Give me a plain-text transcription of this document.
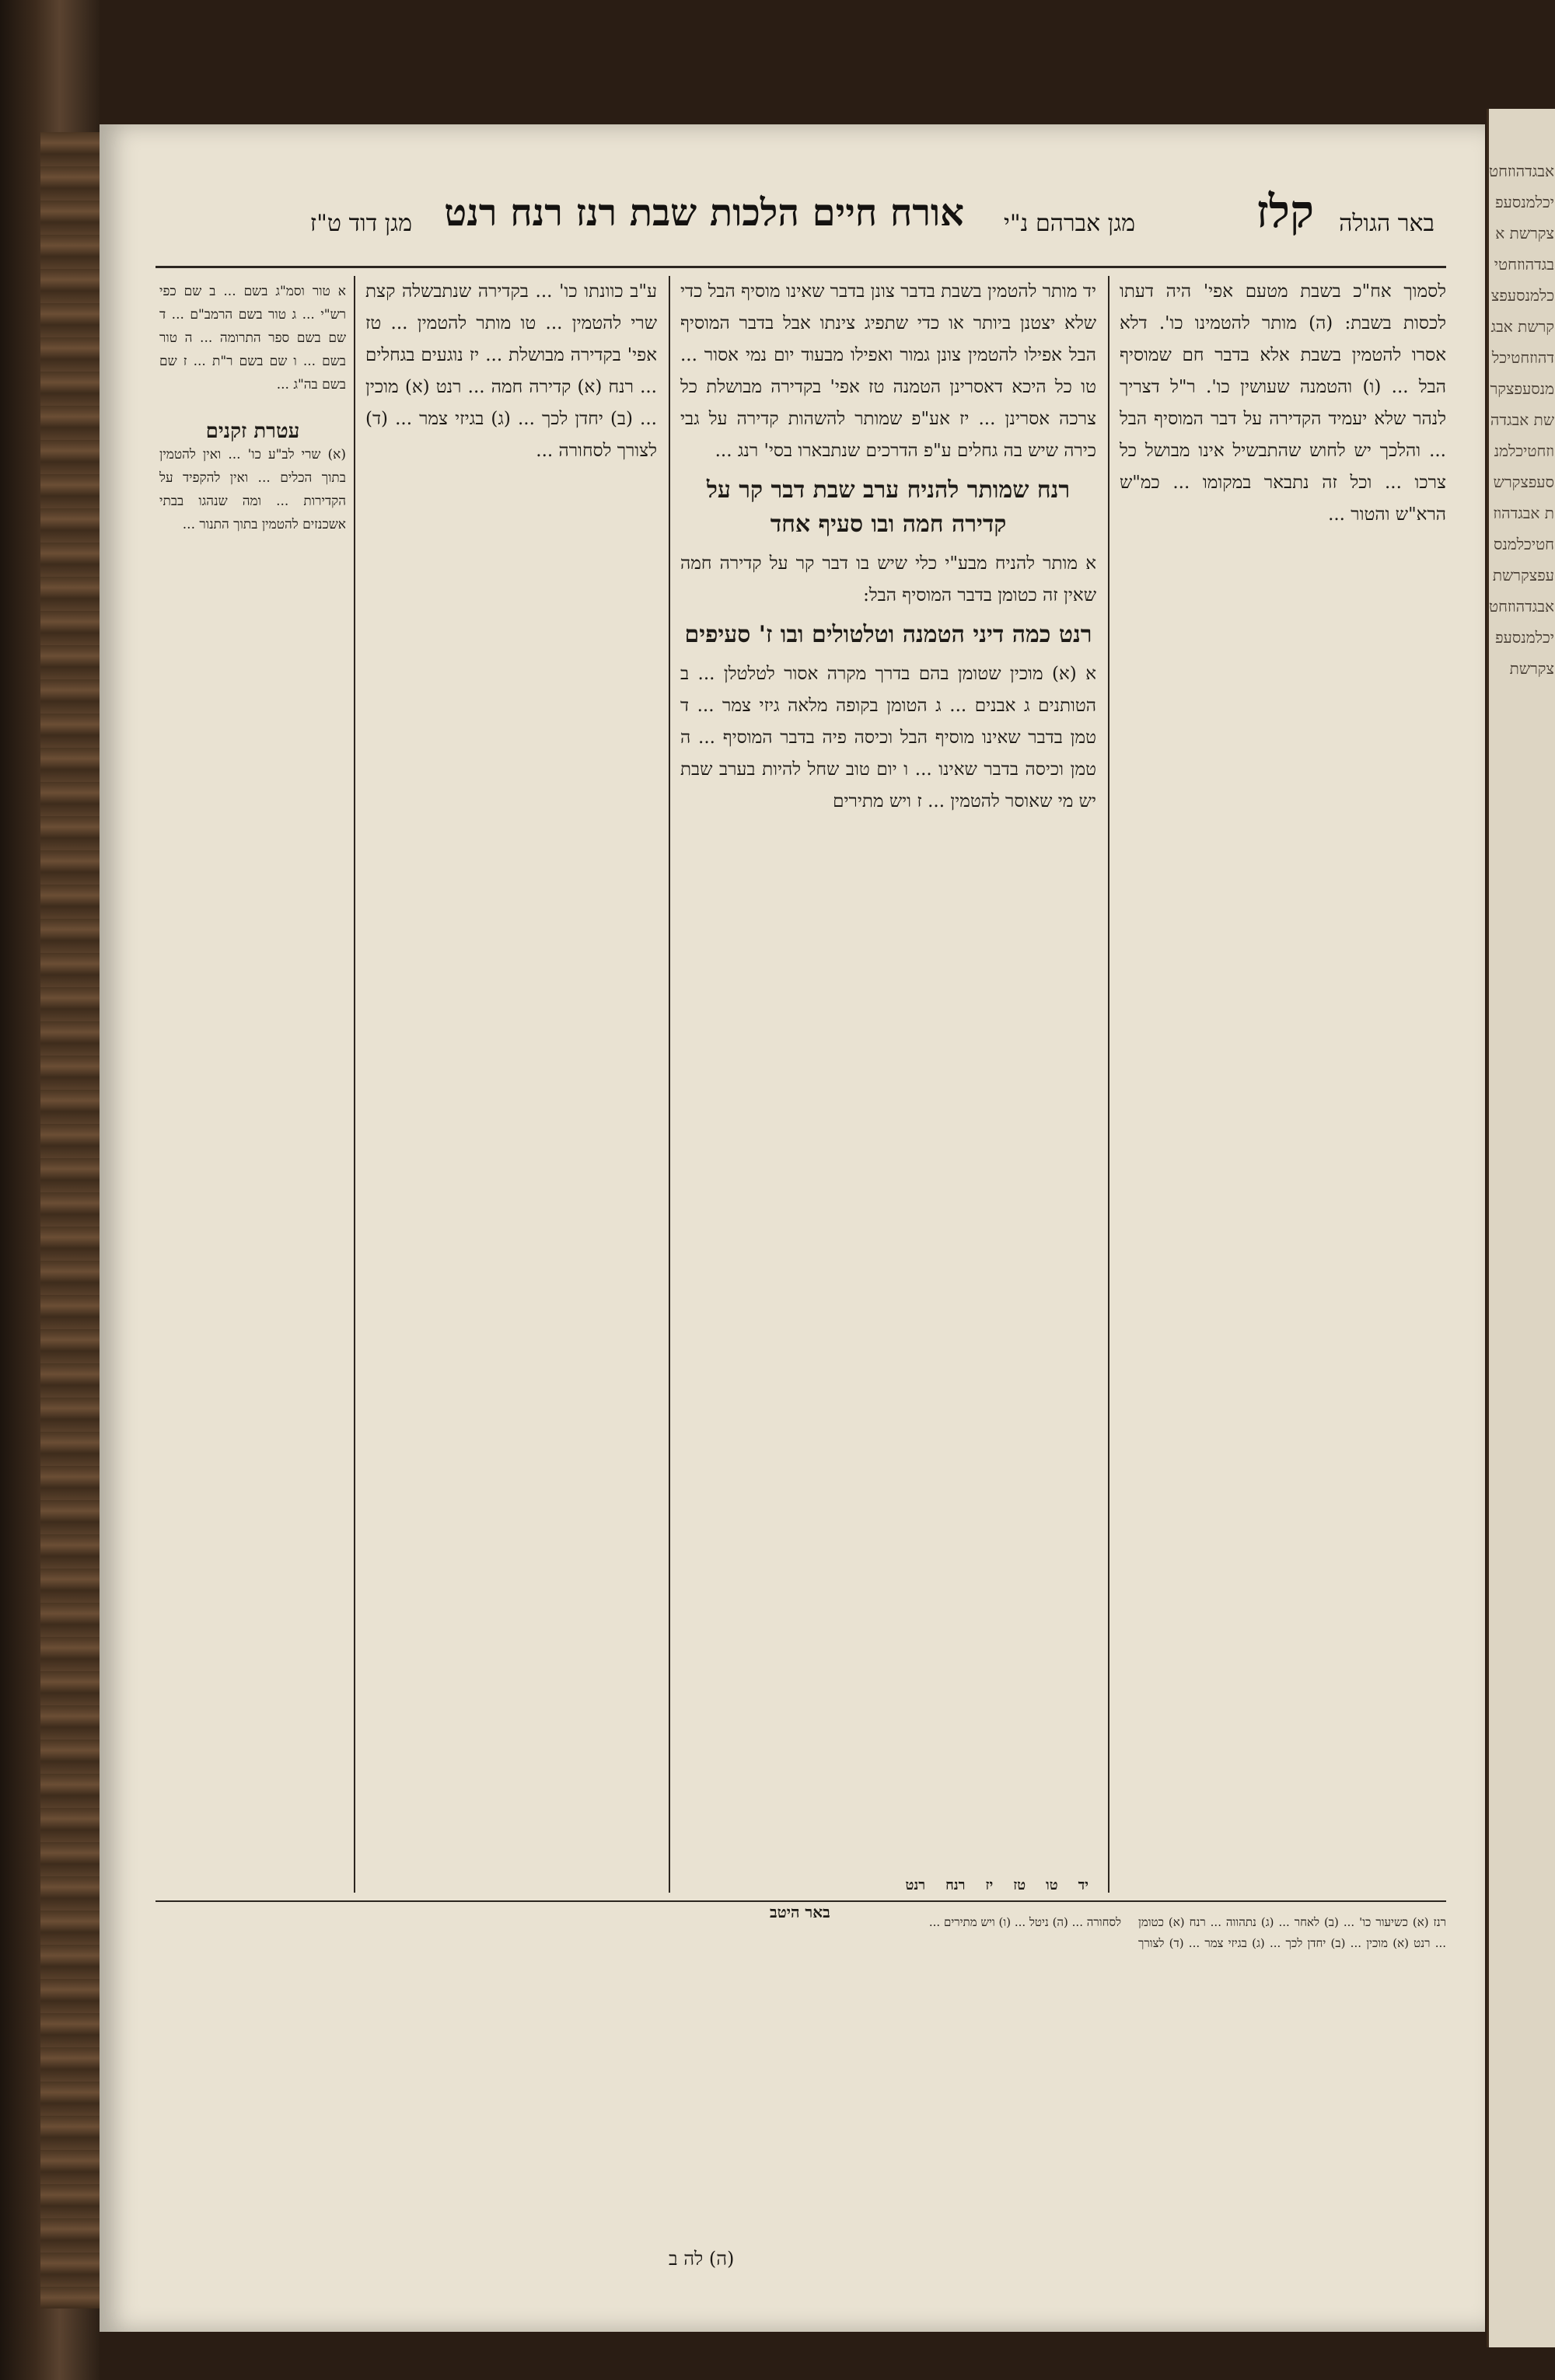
אבגדהוזחטיכלמנסעפצקרשת אבגדהוזחטיכלמנסעפצקרשת אבגדהוזחטיכלמנסעפצקרשת אבגדהוזחטיכלמנסעפצקרשת אבגדהוזחטיכלמנסעפצקרשת אבגדהוזחטיכלמנסעפצקרשת
מגן דוד ט"ז אורח חיים הלכות שבת רנז רנח רנט מגן אברהם נ"י	קלז באר הגולה
לסמוך אח"כ בשבת מטעם אפי' היה דעתו לכסות בשבת: (ה) מותר להטמינו כו'. דלא אסרו להטמין בשבת אלא בדבר חם שמוסיף הבל ... (ו) והטמנה שעושין כו'. ר"ל דצריך לנהר שלא יעמיד הקדירה על דבר המוסיף הבל ... והלכך יש לחוש שהתבשיל אינו מבושל כל צרכו ... וכל זה נתבאר במקומו ... כמ"ש הרא"ש והטור ...
יד מותר להטמין בשבת בדבר צונן בדבר שאינו מוסיף הבל כדי שלא יצטנן ביותר או כדי שתפיג צינתו אבל בדבר המוסיף הבל אפילו להטמין צונן גמור ואפילו מבעוד יום נמי אסור ... טו כל היכא דאסרינן הטמנה טז אפי' בקדירה מבושלת כל צרכה אסרינן ... יז אע"פ שמותר להשהות קדירה על גבי כירה שיש בה גחלים ע"פ הדרכים שנתבארו בסי' רנג ...
רנח שמותר להניח ערב שבת דבר קר על קדירה חמה ובו סעיף אחד
א מותר להניח מבע"י כלי שיש בו דבר קר על קדירה חמה שאין זה כטומן בדבר המוסיף הבל:
רנט כמה דיני הטמנה וטלטולים ובו ז' סעיפים
א (א) מוכין שטומן בהם בדרך מקרה אסור לטלטלן ... ב הטותנים ג אבנים ... ג הטומן בקופה מלאה גיזי צמר ... ד טמן בדבר שאינו מוסיף הבל וכיסה פיה בדבר המוסיף ... ה טמן וכיסה בדבר שאינו ... ו יום טוב שחל להיות בערב שבת יש מי שאוסר להטמין ... ז ויש מתירים
ע"ב כוונתו כו' ... בקדירה שנתבשלה קצת שרי להטמין ... טו מותר להטמין ... טז אפי' בקדירה מבושלת ... יז נוגעים בגחלים ... רנח (א) קדירה חמה ... רנט (א) מוכין ... (ב) יחדן לכך ... (ג) בגיזי צמר ... (ד) לצורך לסחורה ...
א טור וסמ"ג בשם ... ב שם כפי רש"י ... ג טור בשם הרמב"ם ... ד שם בשם ספר התרומה ... ה טור בשם ... ו שם בשם ר"ת ... ז שם בשם בה"ג ...
עטרת זקנים
(א) שרי לב"ע כו' ... ואין להטמין בתוך הכלים ... ואין להקפיד על הקדירות ... ומה שנהגו בבתי אשכנזים להטמין בתוך התנור ...
יד
טו
טז
יז
רנח
רנט
באר היטב
רנז (א) כשיעור כו' ... (ב) לאחר ... (ג) נתהווה ... רנח (א) כטומן ... רנט (א) מוכין ... (ב) יחדן לכך ... (ג) בגיזי צמר ... (ד) לצורך לסחורה ... (ה) ניטל ... (ו) ויש מתירים ...
(ה) לה ב
